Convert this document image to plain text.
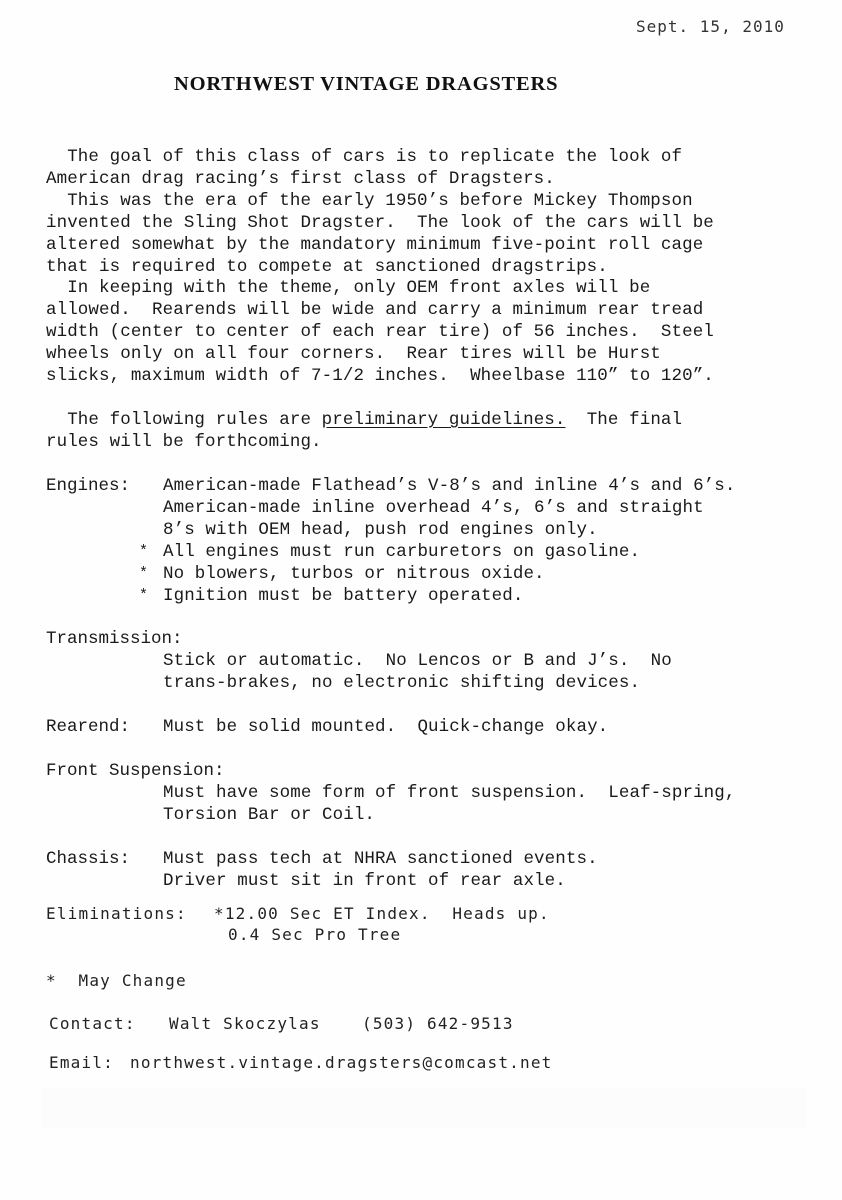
Sept. 15, 2010
NORTHWEST VINTAGE DRAGSTERS
The goal of this class of cars is to replicate the look of
American drag racing’s first class of Dragsters.
This was the era of the early 1950’s before Mickey Thompson
invented the Sling Shot Dragster.  The look of the cars will be
altered somewhat by the mandatory minimum five-point roll cage
that is required to compete at sanctioned dragstrips.
In keeping with the theme, only OEM front axles will be
allowed.  Rearends will be wide and carry a minimum rear tread
width (center to center of each rear tire) of 56 inches.  Steel
wheels only on all four corners.  Rear tires will be Hurst
slicks, maximum width of 7-1/2 inches.  Wheelbase 110” to 120”.
The following rules are preliminary guidelines.  The final
rules will be forthcoming.
Engines: American-made Flathead’s V-8’s and inline 4’s and 6’s.
American-made inline overhead 4’s, 6’s and straight
8’s with OEM head, push rod engines only.
* All engines must run carburetors on gasoline.
* No blowers, turbos or nitrous oxide.
* Ignition must be battery operated.
Transmission:
Stick or automatic.  No Lencos or B and J’s.  No
trans-brakes, no electronic shifting devices.
Rearend: Must be solid mounted.  Quick-change okay.
Front Suspension:
Must have some form of front suspension.  Leaf-spring,
Torsion Bar or Coil.
Chassis: Must pass tech at NHRA sanctioned events.
Driver must sit in front of rear axle.
Eliminations: *12.00 Sec ET Index.  Heads up.
0.4 Sec Pro Tree
*  May Change
Contact: Walt Skoczylas	(503) 642-9513
Email: northwest.vintage.dragsters@comcast.net
